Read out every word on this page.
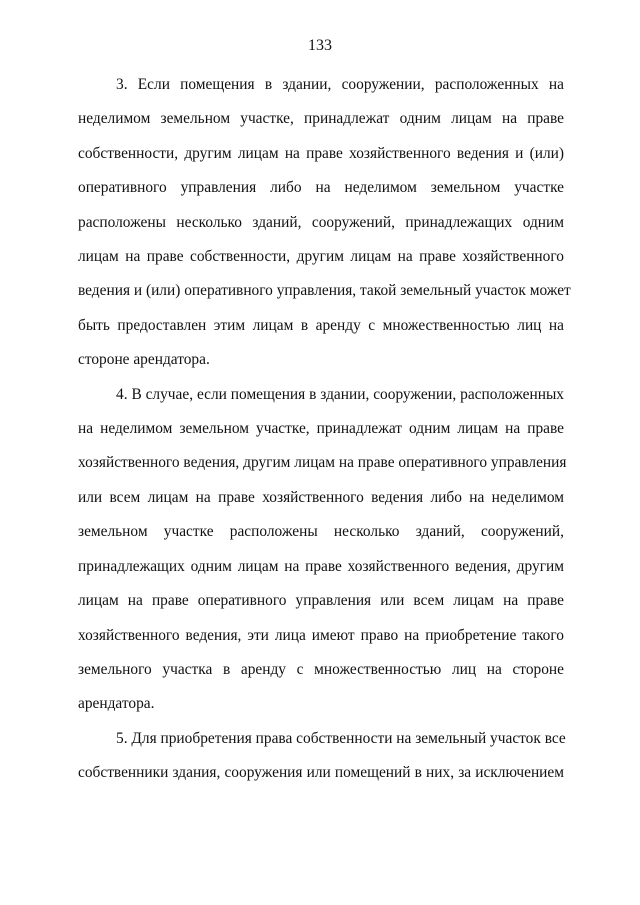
133
3. Если помещения в здании, сооружении, расположенных на
неделимом земельном участке, принадлежат одним лицам на праве
собственности, другим лицам на праве хозяйственного ведения и (или)
оперативного управления либо на неделимом земельном участке
расположены несколько зданий, сооружений, принадлежащих одним
лицам на праве собственности, другим лицам на праве хозяйственного
ведения и (или) оперативного управления, такой земельный участок может
быть предоставлен этим лицам в аренду с множественностью лиц на
стороне арендатора.
4. В случае, если помещения в здании, сооружении, расположенных
на неделимом земельном участке, принадлежат одним лицам на праве
хозяйственного ведения, другим лицам на праве оперативного управления
или всем лицам на праве хозяйственного ведения либо на неделимом
земельном участке расположены несколько зданий, сооружений,
принадлежащих одним лицам на праве хозяйственного ведения, другим
лицам на праве оперативного управления или всем лицам на праве
хозяйственного ведения, эти лица имеют право на приобретение такого
земельного участка в аренду с множественностью лиц на стороне
арендатора.
5. Для приобретения права собственности на земельный участок все
собственники здания, сооружения или помещений в них, за исключением
